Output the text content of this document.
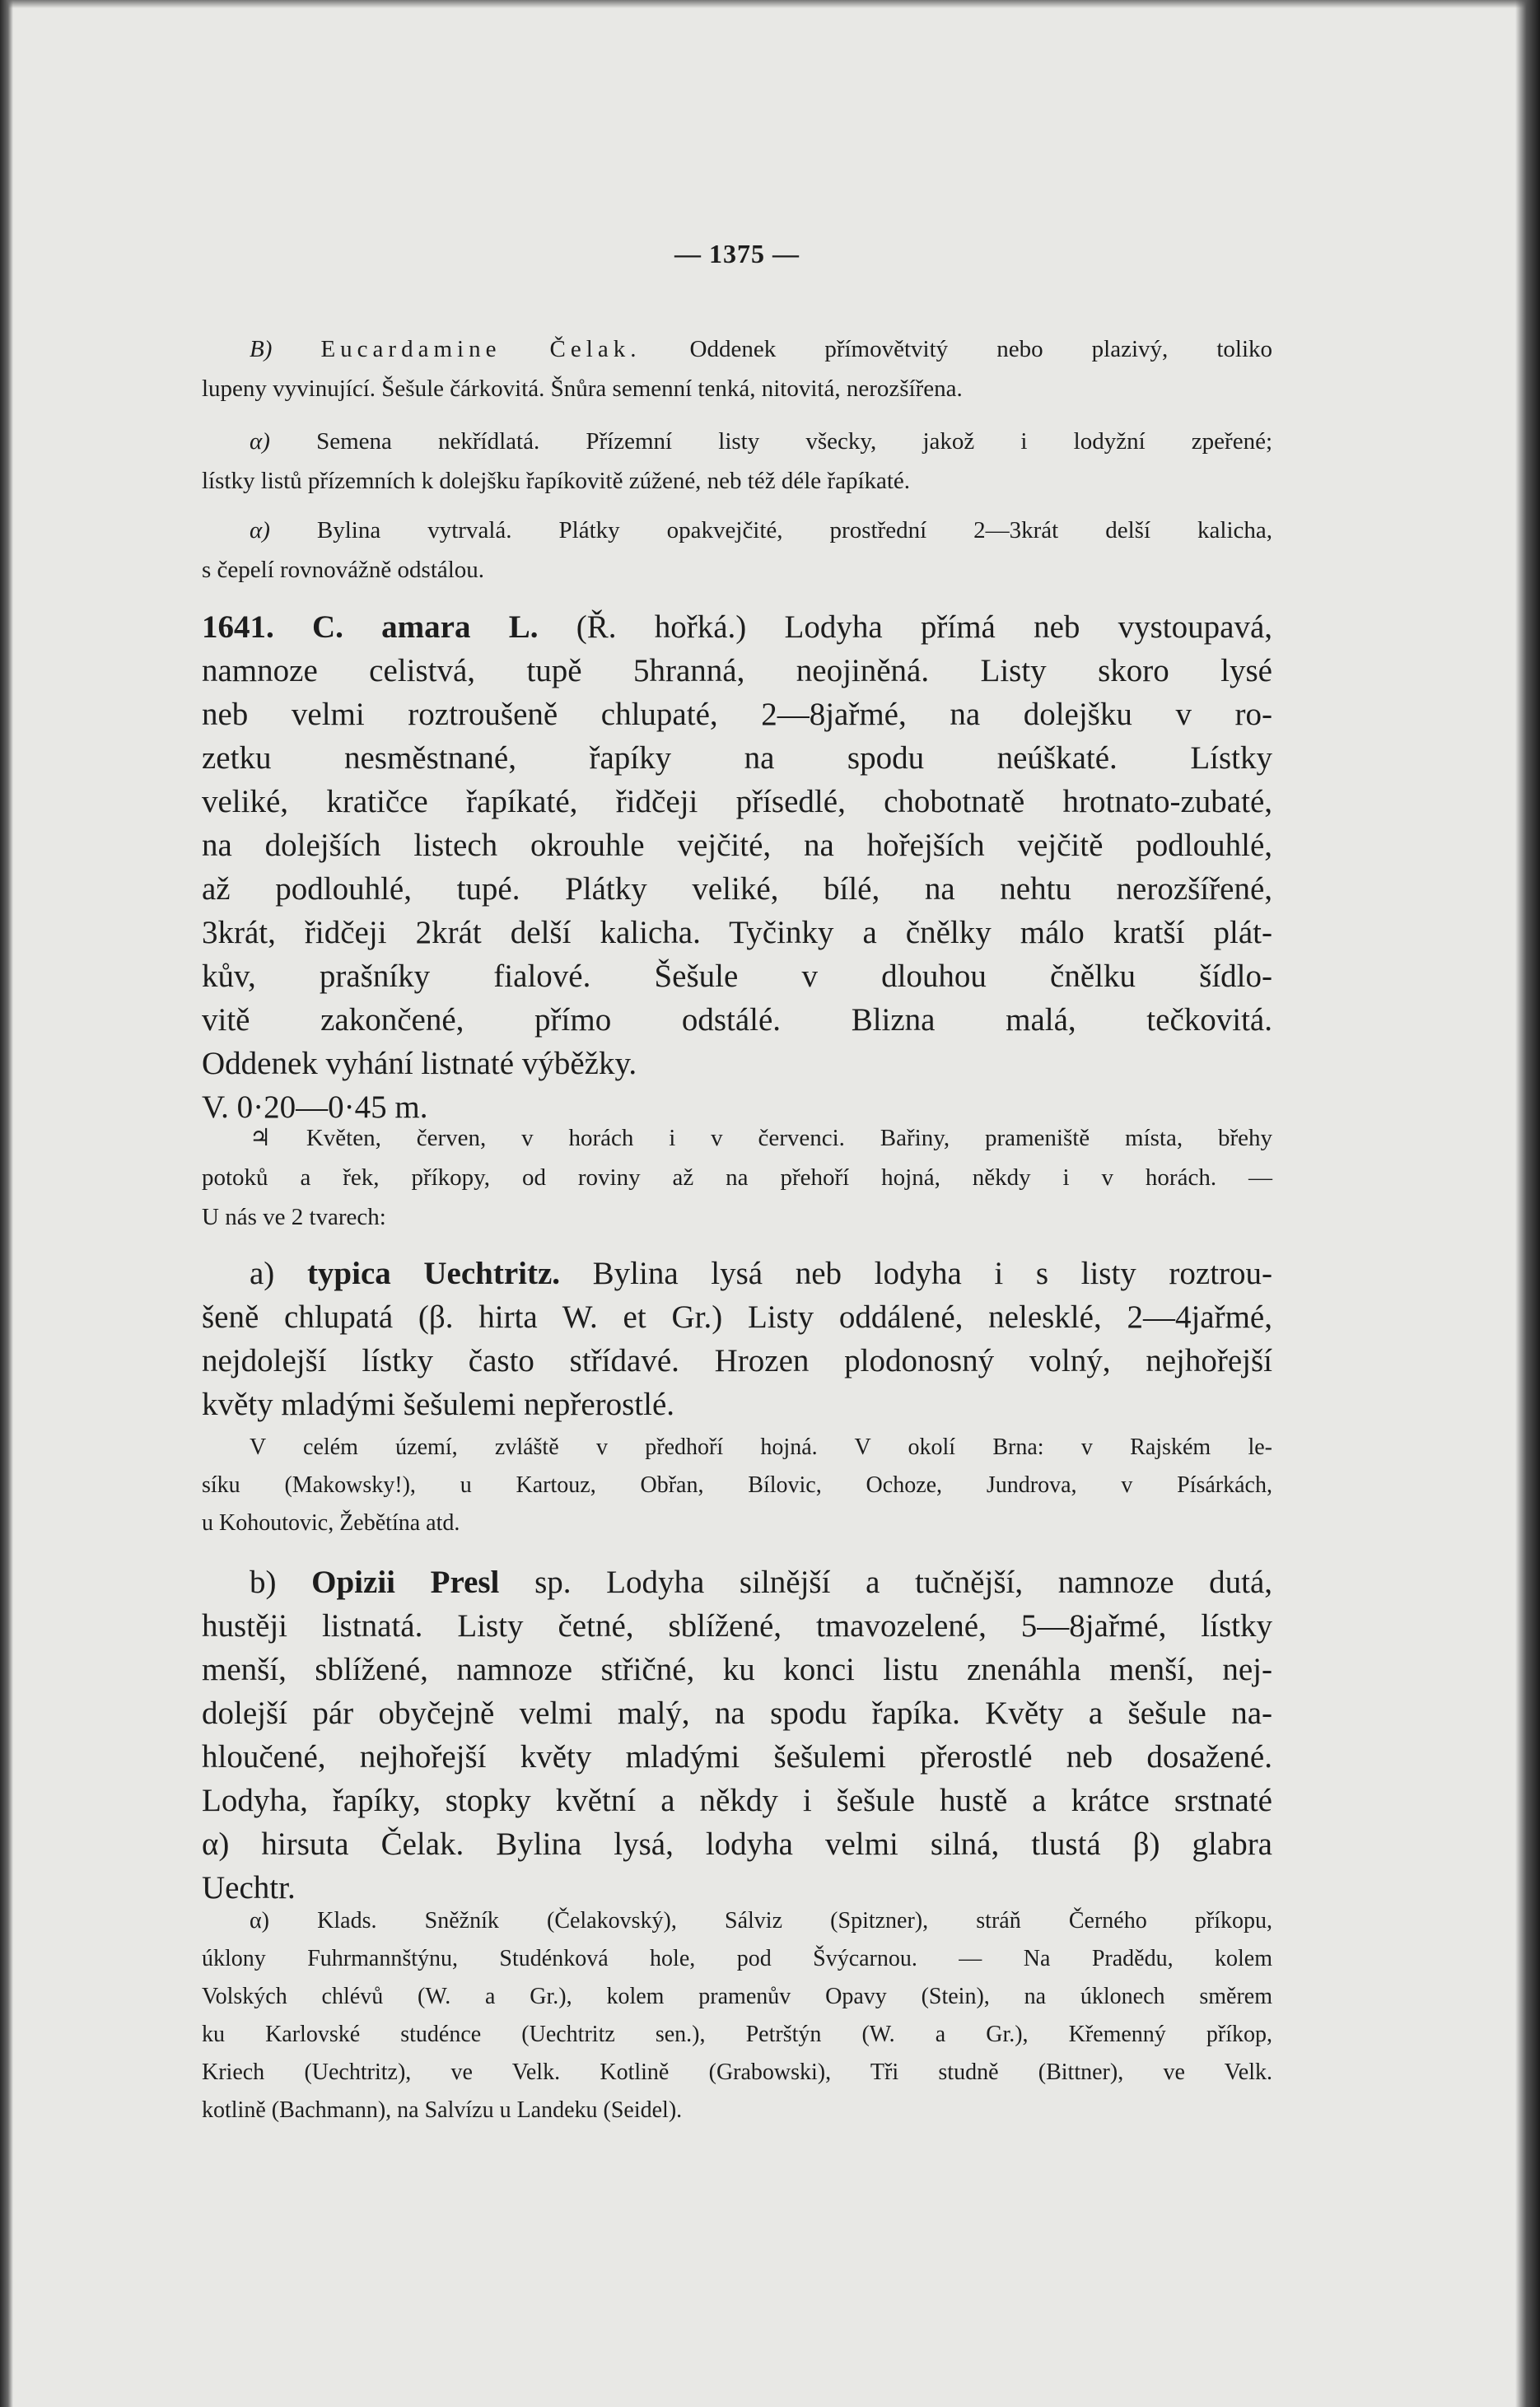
— 1375 —
B) Eucardamine Čelak. Oddenek přímovětvitý nebo plazivý, toliko
lupeny vyvinující. Šešule čárkovitá. Šnůra semenní tenká, nitovitá, nerozšířena.
α) Semena nekřídlatá. Přízemní listy všecky, jakož i lodyžní zpeřené;
lístky listů přízemních k dolejšku řapíkovitě zúžené, neb též déle řapíkaté.
α) Bylina vytrvalá. Plátky opakvejčité, prostřední 2—3krát delší kalicha,
s čepelí rovnovážně odstálou.
1641. C. amara L. (Ř. hořká.) Lodyha přímá neb vystoupavá,
namnoze celistvá, tupě 5hranná, neojiněná. Listy skoro lysé
neb velmi roztroušeně chlupaté, 2—8jařmé, na dolejšku v ro-
zetku nesměstnané, řapíky na spodu neúškaté. Lístky
veliké, kratičce řapíkaté, řidčeji přísedlé, chobotnatě hrotnato-zubaté,
na dolejších listech okrouhle vejčité, na hořejších vejčitě podlouhlé,
až podlouhlé, tupé. Plátky veliké, bílé, na nehtu nerozšířené,
3krát, řidčeji 2krát delší kalicha. Tyčinky a čnělky málo kratší plát-
kův, prašníky fialové. Šešule v dlouhou čnělku šídlo-
vitě zakončené, přímo odstálé. Blizna malá, tečkovitá.
Oddenek vyhání listnaté výběžky.
V. 0·20—0·45 m.
♃ Květen, červen, v horách i v červenci. Bařiny, prameniště místa, břehy
potoků a řek, příkopy, od roviny až na přehoří hojná, někdy i v horách. —
U nás ve 2 tvarech:
a) typica Uechtritz. Bylina lysá neb lodyha i s listy roztrou-
šeně chlupatá (β. hirta W. et Gr.) Listy oddálené, nelesklé, 2—4jařmé,
nejdolejší lístky často střídavé. Hrozen plodonosný volný, nejhořejší
květy mladými šešulemi nepřerostlé.
V celém území, zvláště v předhoří hojná. V okolí Brna: v Rajském le-
síku (Makowsky!), u Kartouz, Obřan, Bílovic, Ochoze, Jundrova, v Písárkách,
u Kohoutovic, Žebětína atd.
b) Opizii Presl sp. Lodyha silnější a tučnější, namnoze dutá,
hustěji listnatá. Listy četné, sblížené, tmavozelené, 5—8jařmé, lístky
menší, sblížené, namnoze střičné, ku konci listu znenáhla menší, nej-
dolejší pár obyčejně velmi malý, na spodu řapíka. Květy a šešule na-
hloučené, nejhořejší květy mladými šešulemi přerostlé neb dosažené.
Lodyha, řapíky, stopky květní a někdy i šešule hustě a krátce srstnaté
α) hirsuta Čelak. Bylina lysá, lodyha velmi silná, tlustá β) glabra
Uechtr.
α) Klads. Sněžník (Čelakovský), Sálviz (Spitzner), stráň Černého příkopu,
úklony Fuhrmannštýnu, Studénková hole, pod Švýcarnou. — Na Pradědu, kolem
Volských chlévů (W. a Gr.), kolem pramenův Opavy (Stein), na úklonech směrem
ku Karlovské studénce (Uechtritz sen.), Petrštýn (W. a Gr.), Křemenný příkop,
Kriech (Uechtritz), ve Velk. Kotlině (Grabowski), Tři studně (Bittner), ve Velk.
kotlině (Bachmann), na Salvízu u Landeku (Seidel).
